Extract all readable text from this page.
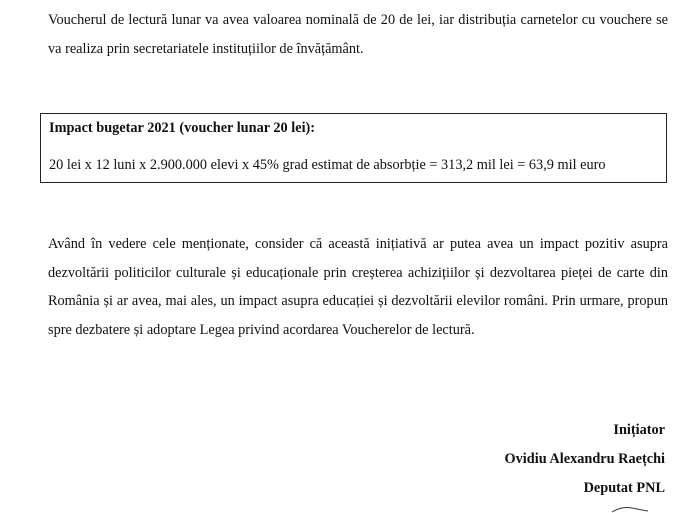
Voucherul de lectură lunar va avea valoarea nominală de 20 de lei, iar distribuția carnetelor cu vouchere se va realiza prin secretariatele instituțiilor de învățământ.

Impact bugetar 2021 (voucher lunar 20 lei):
20 lei x 12 luni x 2.900.000 elevi x 45% grad estimat de absorbție = 313,2 mil lei = 63,9 mil euro

Având în vedere cele menționate, consider că această inițiativă ar putea avea un impact pozitiv asupra dezvoltării politicilor culturale și educaționale prin creșterea achizițiilor și dezvoltarea pieței de carte din România și ar avea, mai ales, un impact asupra educației și dezvoltării elevilor români. Prin urmare, propun spre dezbatere și adoptare Legea privind acordarea Voucherelor de lectură.

Inițiator
Ovidiu Alexandru Raețchi
Deputat PNL
